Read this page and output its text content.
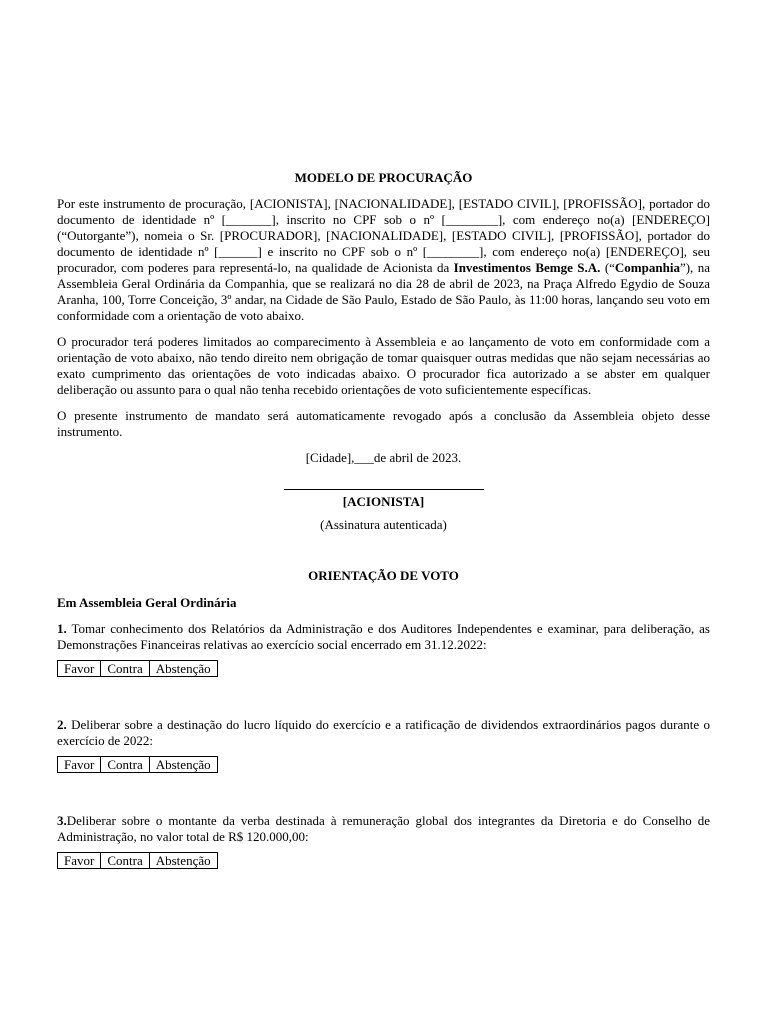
MODELO DE PROCURAÇÃO

Por este instrumento de procuração, [ACIONISTA], [NACIONALIDADE], [ESTADO CIVIL], [PROFISSÃO], portador do documento de identidade nº [_______], inscrito no CPF sob o nº [________], com endereço no(a) [ENDEREÇO] (“Outorgante”), nomeia o Sr. [PROCURADOR], [NACIONALIDADE], [ESTADO CIVIL], [PROFISSÃO], portador do documento de identidade nº [______] e inscrito no CPF sob o nº [________], com endereço no(a) [ENDEREÇO], seu procurador, com poderes para representá-lo, na qualidade de Acionista da Investimentos Bemge S.A. (“Companhia”), na Assembleia Geral Ordinária da Companhia, que se realizará no dia 28 de abril de 2023, na Praça Alfredo Egydio de Souza Aranha, 100, Torre Conceição, 3º andar, na Cidade de São Paulo, Estado de São Paulo, às 11:00 horas, lançando seu voto em conformidade com a orientação de voto abaixo.

O procurador terá poderes limitados ao comparecimento à Assembleia e ao lançamento de voto em conformidade com a orientação de voto abaixo, não tendo direito nem obrigação de tomar quaisquer outras medidas que não sejam necessárias ao exato cumprimento das orientações de voto indicadas abaixo. O procurador fica autorizado a se abster em qualquer deliberação ou assunto para o qual não tenha recebido orientações de voto suficientemente específicas.

O presente instrumento de mandato será automaticamente revogado após a conclusão da Assembleia objeto desse instrumento.

[Cidade],___de abril de 2023.
[ACIONISTA]
(Assinatura autenticada)
ORIENTAÇÃO DE VOTO
Em Assembleia Geral Ordinária
1. Tomar conhecimento dos Relatórios da Administração e dos Auditores Independentes e examinar, para deliberação, as Demonstrações Financeiras relativas ao exercício social encerrado em 31.12.2022:
Favor	Contra	Abstenção
2. Deliberar sobre a destinação do lucro líquido do exercício e a ratificação de dividendos extraordinários pagos durante o exercício de 2022:
Favor	Contra	Abstenção
3.Deliberar sobre o montante da verba destinada à remuneração global dos integrantes da Diretoria e do Conselho de Administração, no valor total de R$ 120.000,00:
Favor	Contra	Abstenção
